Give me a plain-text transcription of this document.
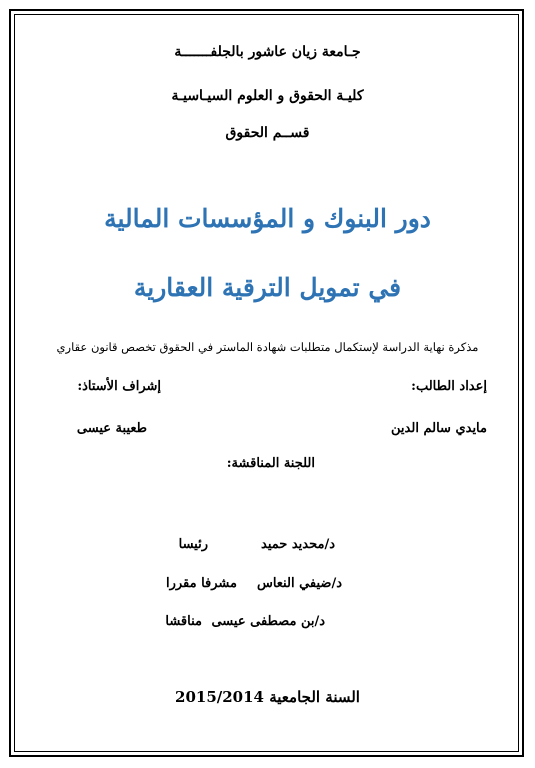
جـامعة زيان عاشور بالجلفـــــــة
كليـة الحقوق و العلوم السيـاسيـة
قســم الحقوق
دور البنوك و المؤسسات المالية
في تمويل الترقية العقارية
مذكرة نهاية الدراسة لإستكمال متطلبات شهادة الماستر في الحقوق تخصص قانون عقاري
إعداد الطالب:
إشراف الأستاذ:
مايدي سالم الدين
طعيبة عيسى
اللجنة المناقشة:
د/محديد حميد
رئيسا
د/ضيفي النعاس
مشرفا مقررا
د/بن مصطفى عيسى
مناقشا
السنة الجامعية 2015/2014
